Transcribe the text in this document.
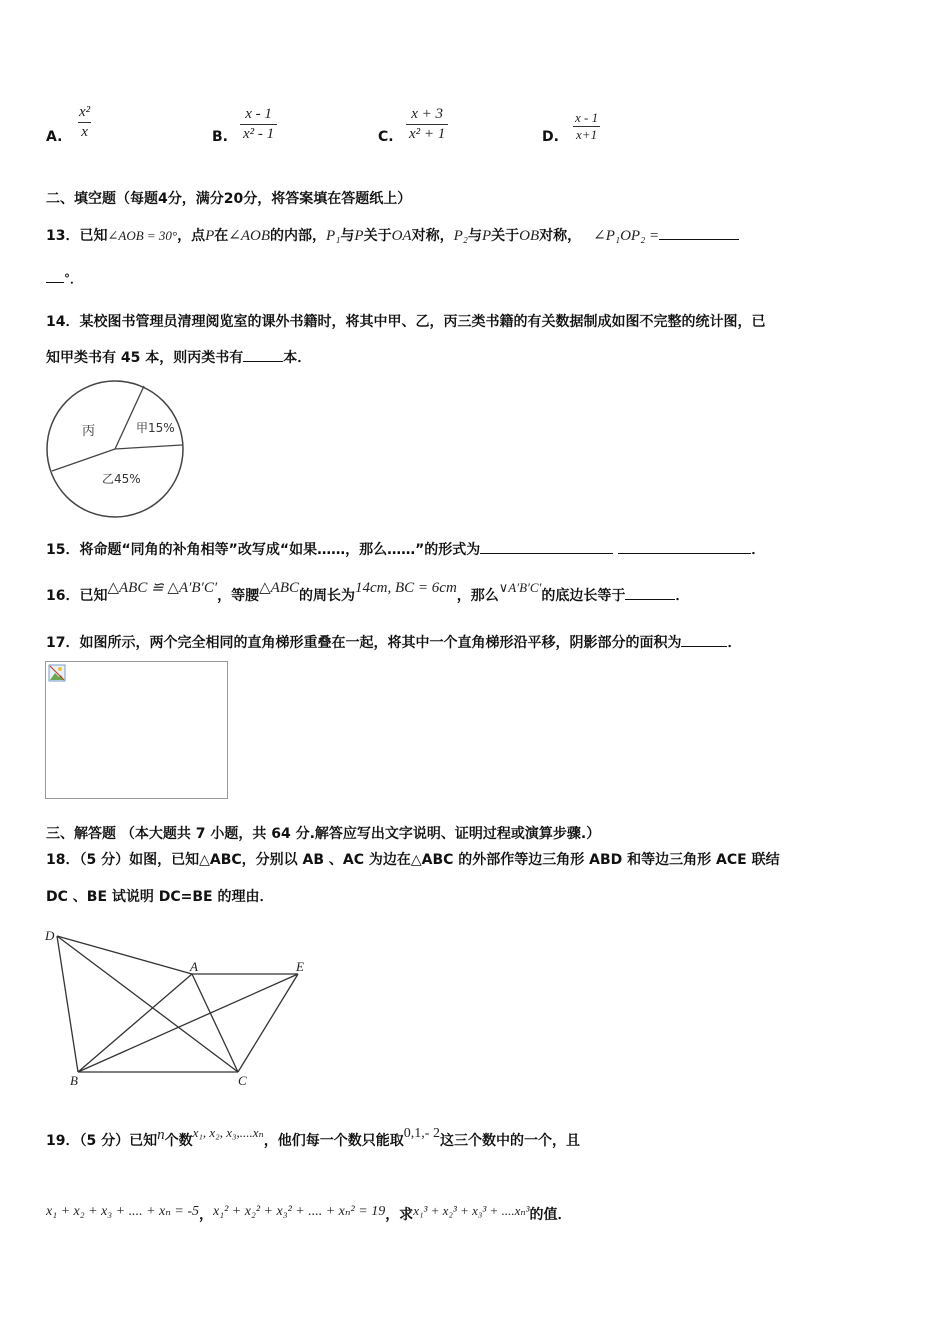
A. $\frac{\text{x²}}{x}$	B. $\frac{x - 1}{\text{x² - 1}}$	C. $\frac{x + 3}{\text{x² + 1}}$	D. $\frac{x - 1}{x+1}$
二、填空题（每题4分，满分20分，将答案填在答题纸上）
13．已知∠AOB = 30°，点P在∠AOB的内部，P₁与P关于OA对称，P₂与P关于OB对称， ∠P₁OP₂ =
°．
14．某校图书管理员清理阅览室的课外书籍时，将其中甲、乙，丙三类书籍的有关数据制成如图不完整的统计图，已
知甲类书有 45 本，则丙类书有	本．
丙	甲15%
乙45%
15．将命题“同角的补角相等”改写成“如果……，那么……”的形式为	．
16．已知△ABC ≌ △A′B′C′，等腰△ABC的周长为14cm, BC = 6cm，那么∨A′B′C′的底边长等于	．
17．如图所示，两个完全相同的直角梯形重叠在一起，将其中一个直角梯形沿平移，阴影部分的面积为	．
三、解答题 （本大题共 7 小题，共 64 分.解答应写出文字说明、证明过程或演算步骤.）
18．（5 分）如图，已知△ABC，分别以 AB 、AC 为边在△ABC 的外部作等边三角形 ABD 和等边三角形 ACE 联结
DC 、BE 试说明 DC=BE 的理由．
D
A	E
B	C
19．（5 分）已知n个数x₁, x₂, x₃,....xₙ，他们每一个数只能取0,1,- 2这三个数中的一个，且
x₁ + x₂ + x₃ + .... + xₙ = -5，x₁² + x₂² + x₃² + .... + xₙ² = 19，求x₁³ + x₂³ + x₃³ + ....xₙ³的值．
